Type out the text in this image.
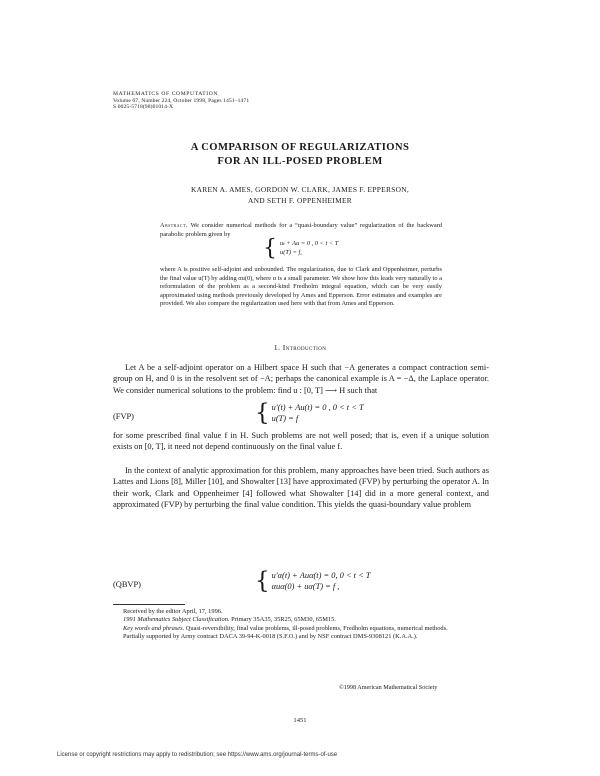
MATHEMATICS OF COMPUTATION
Volume 67, Number 224, October 1998, Pages 1451–1471
S 0025-5718(98)01014-X
A COMPARISON OF REGULARIZATIONS
FOR AN ILL-POSED PROBLEM
KAREN A. AMES, GORDON W. CLARK, JAMES F. EPPERSON,
AND SETH F. OPPENHEIMER
Abstract. We consider numerical methods for a “quasi-boundary value” regularization of the backward parabolic problem given by
{ uₜ + Au = 0 , 0 < t < T
u(T) = f,
where A is positive self-adjoint and unbounded. The regularization, due to Clark and Oppenheimer, perturbs the final value u(T) by adding αu(0), where α is a small parameter. We show how this leads very naturally to a reformulation of the problem as a second-kind Fredholm integral equation, which can be very easily approximated using methods previously developed by Ames and Epperson. Error estimates and examples are provided. We also compare the regularization used here with that from Ames and Epperson.
1. Introduction
Let A be a self-adjoint operator on a Hilbert space H such that −A generates a compact contraction semi-group on H, and 0 is in the resolvent set of −A; perhaps the canonical example is A = −Δ, the Laplace operator. We consider numerical solutions to the problem: find u : [0, T] ⟶ H such that
(FVP)	{ u′(t) + Au(t) = 0 , 0 < t < T
u(T) = f
for some prescribed final value f in H. Such problems are not well posed; that is, even if a unique solution exists on [0, T], it need not depend continuously on the final value f.
In the context of analytic approximation for this problem, many approaches have been tried. Such authors as Lattes and Lions [8], Miller [10], and Showalter [13] have approximated (FVP) by perturbing the operator A. In their work, Clark and Oppenheimer [4] followed what Showalter [14] did in a more general context, and approximated (FVP) by perturbing the final value condition. This yields the quasi-boundary value problem
(QBVP)	{ u′α(t) + Auα(t) = 0, 0 < t < T
αuα(0) + uα(T) = f ,

Received by the editor April, 17, 1996.

1991 Mathematics Subject Classification. Primary 35A35, 35R25, 65M30, 65M15.

Key words and phrases. Quasi-reversibility, final value problems, ill-posed problems, Fredholm equations, numerical methods.

Partially supported by Army contract DACA 39-94-K-0018 (S.F.O.) and by NSF contract DMS-9308121 (K.A.A.).

©1998 American Mathematical Society
1451
License or copyright restrictions may apply to redistribution; see https://www.ams.org/journal-terms-of-use
